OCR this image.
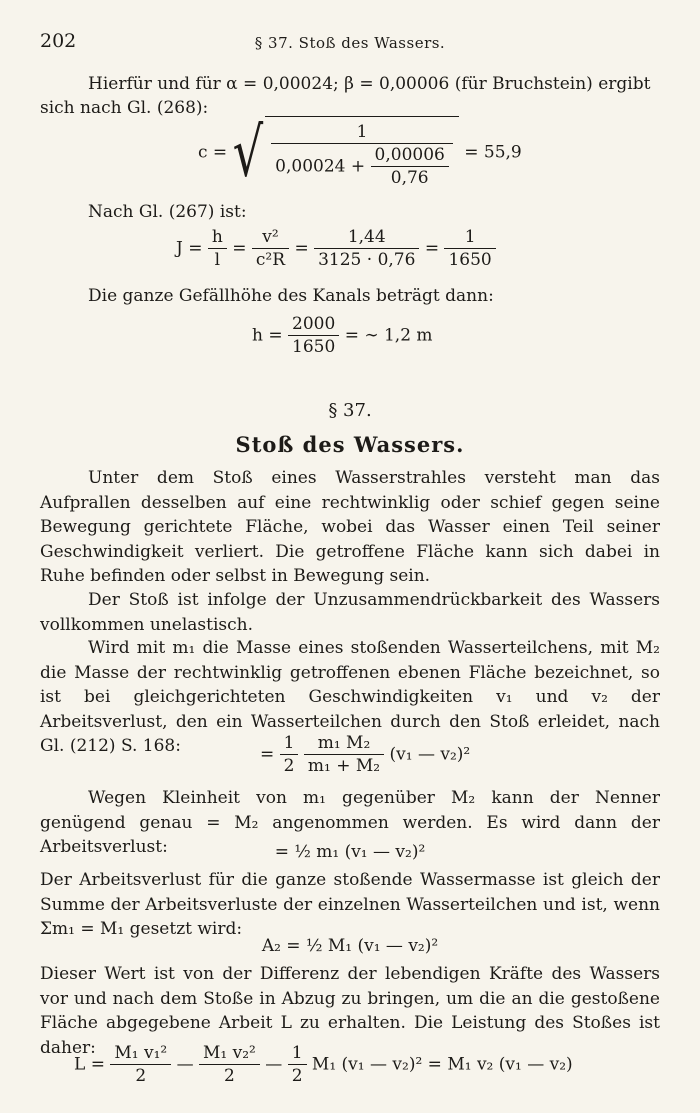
202	§ 37. Stoß des Wassers.
Hierfür und für α = 0,00024; β = 0,00006 (für Bruchstein) ergibt
sich nach Gl. (268):
c = √ $\frac{1}{0,00024 + \frac{0,00006}{0,76}} = 55,9$
Nach Gl. (267) ist:
$J = \frac{h}{l} = \frac{\text{v²}}{\text{c²R}} = \frac{1,44}{3125 \cdot 0,76} = \frac{1}{1650}$
Die ganze Gefällhöhe des Kanals beträgt dann:
$h = \frac{2000}{1650}$ = ∼ 1,2 m
§ 37.
Stoß des Wassers.
Unter dem Stoß eines Wasserstrahles versteht man das Aufprallen desselben auf eine rechtwinklig oder schief gegen seine Bewegung gerichtete Fläche, wobei das Wasser einen Teil seiner Geschwindigkeit verliert. Die getroffene Fläche kann sich dabei in Ruhe befinden oder selbst in Bewegung sein.
Der Stoß ist infolge der Unzusammendrückbarkeit des Wassers vollkommen unelastisch.
Wird mit m₁ die Masse eines stoßenden Wasserteilchens, mit M₂ die Masse der rechtwinklig getroffenen ebenen Fläche bezeichnet, so ist bei gleichgerichteten Geschwindigkeiten v₁ und v₂ der Arbeitsverlust, den ein Wasserteilchen durch den Stoß erleidet, nach Gl. (212) S. 168:	= $\frac{1}{2}$
$\frac{\text{m₁ M₂}}{\text{m₁ + M₂}} (v_1$ — v₂)²
Wegen Kleinheit von m₁ gegenüber M₂ kann der Nenner genügend genau = M₂ angenommen werden. Es wird dann der Arbeitsverlust:	= ½ m₁ (v₁ — v₂)²
Der Arbeitsverlust für die ganze stoßende Wassermasse ist gleich der Summe der Arbeitsverluste der einzelnen Wasserteilchen und ist, wenn Σm₁ = M₁ gesetzt wird:
A₂ = ½ M₁ (v₁ — v₂)²
Dieser Wert ist von der Differenz der lebendigen Kräfte des Wassers vor und nach dem Stoße in Abzug zu bringen, um die an die gestoßene Fläche abgegebene Arbeit L zu erhalten. Die Leistung des Stoßes ist daher:
$L = \frac{\text{M₁ v₁²}}{2}$ — $\frac{\text{M₁ v₂²}}{2}$ — $\frac{1}{2} M_1$ (v₁ — v₂)² = M₁ v₂ (v₁ — v₂)
